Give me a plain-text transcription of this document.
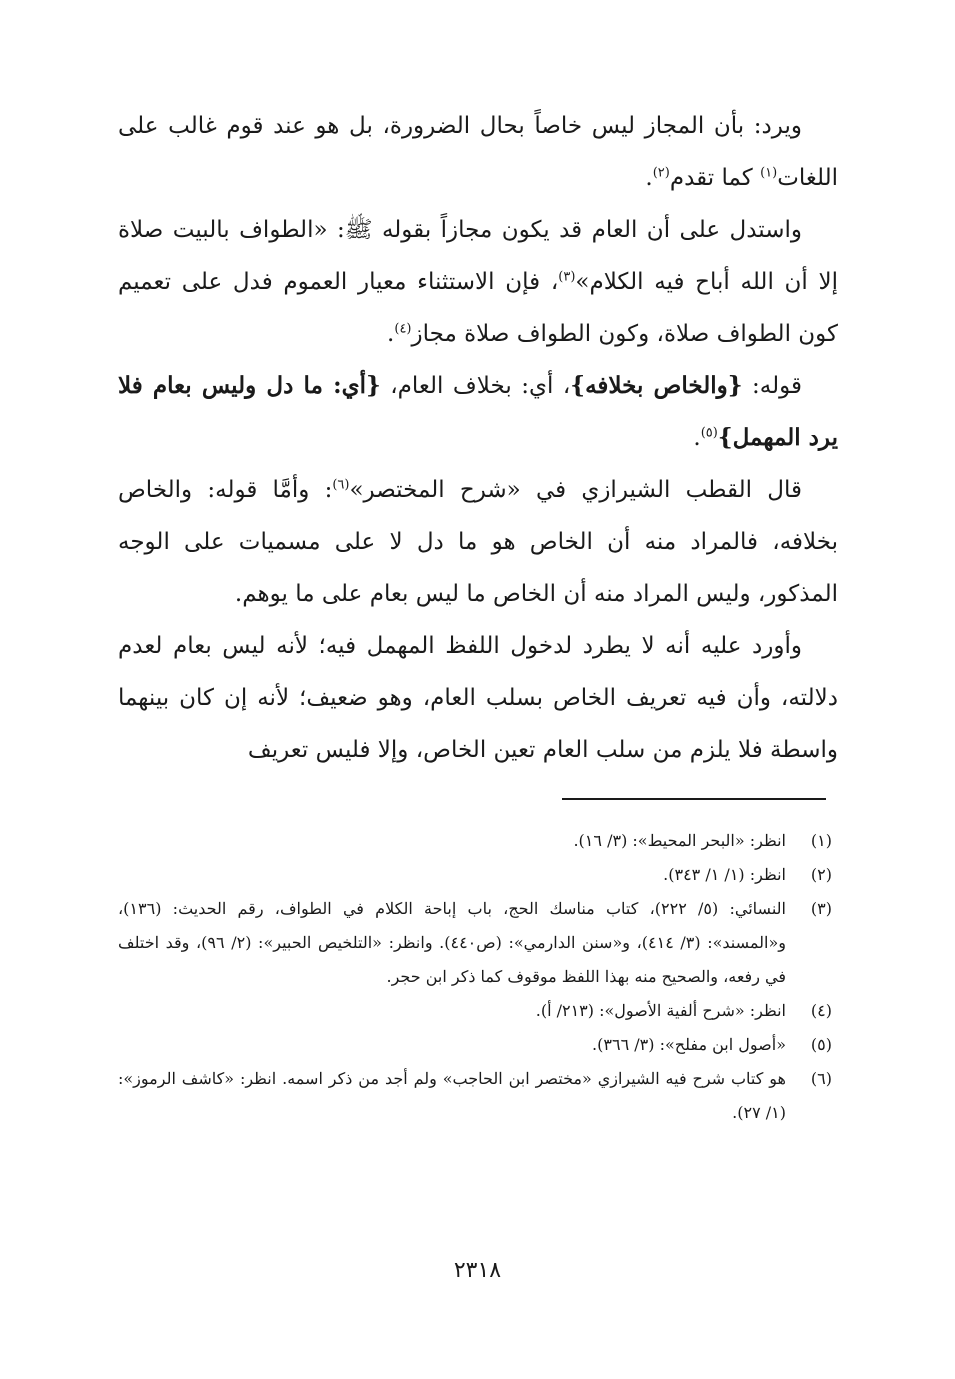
ويرد: بأن المجاز ليس خاصاً بحال الضرورة، بل هو عند قوم غالب على اللغات$^{(١)}$ كما تقدم$^{(٢)}$.

واستدل على أن العام قد يكون مجازاً بقوله ﷺ: «الطواف بالبيت صلاة إلا أن الله أباح فيه الكلام»$^{(٣)}$، فإن الاستثناء معيار العموم فدل على تعميم كون الطواف صلاة، وكون الطواف صلاة مجاز$^{(٤)}$.

قوله: {والخاص بخلافه}، أي: بخلاف العام، {أي: ما دل وليس بعام فلا يرد المهمل}$^{(٥)}$.

قال القطب الشيرازي في «شرح المختصر»$^{(٦)}$: وأمَّا قوله: والخاص بخلافه، فالمراد منه أن الخاص هو ما دل لا على مسميات على الوجه المذكور، وليس المراد منه أن الخاص ما ليس بعام على ما يوهم.

وأورد عليه أنه لا يطرد لدخول اللفظ المهمل فيه؛ لأنه ليس بعام لعدم دلالته، وأن فيه تعريف الخاص بسلب العام، وهو ضعيف؛ لأنه إن كان بينهما واسطة فلا يلزم من سلب العام تعين الخاص، وإلا فليس تعريف

(١)
انظر: «البحر المحيط»: (٣/ ١٦).
(٢)
انظر: (١/ ١/ ٣٤٣).
(٣)
النسائي: (٥/ ٢٢٢)، كتاب مناسك الحج، باب إباحة الكلام في الطواف، رقم الحديث: (١٣٦)، و«المسند»: (٣/ ٤١٤)، و«سنن الدارمي»: (ص٤٤٠). وانظر: «التلخيص الحبير»: (٢/ ٩٦)، وقد اختلف في رفعه، والصحيح منه بهذا اللفظ موقوف كما ذكر ابن حجر.
(٤)
انظر: «شرح ألفية الأصول»: (٢١٣/ أ).
(٥)
«أصول ابن مفلح»: (٣/ ٣٦٦).
(٦)
هو كتاب شرح فيه الشيرازي «مختصر ابن الحاجب» ولم أجد من ذكر اسمه. انظر: «كاشف الرموز»: (١/ ٢٧).
٢٣١٨
